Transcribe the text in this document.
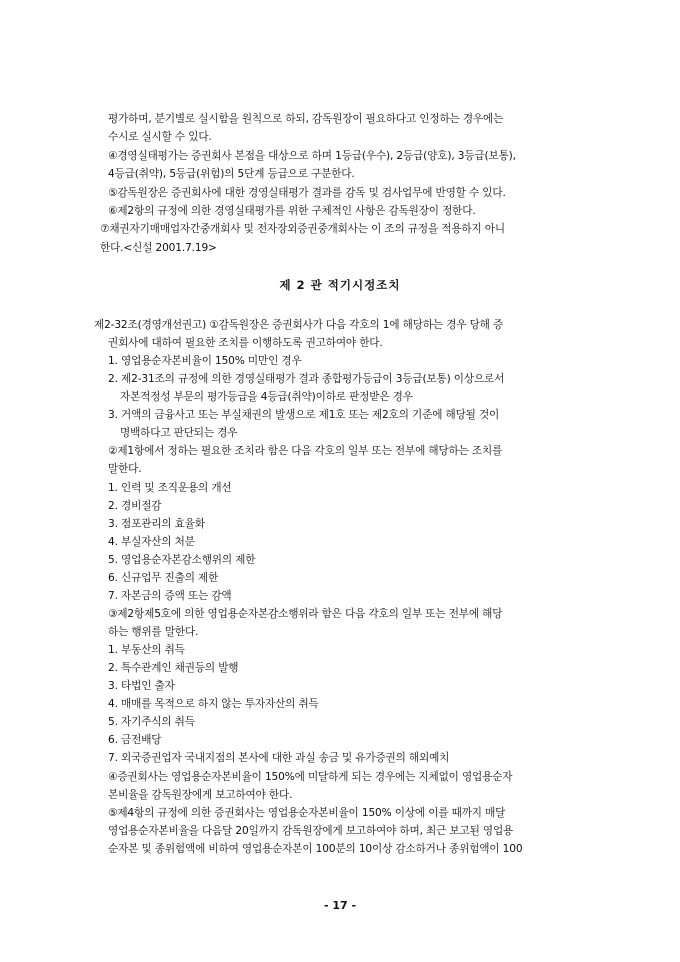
평가하며, 분기별로 실시함을 원칙으로 하되, 감독원장이 필요하다고 인정하는 경우에는
수시로 실시할 수 있다.
④경영실태평가는 증권회사 본점을 대상으로 하며 1등급(우수), 2등급(양호), 3등급(보통),
4등급(취약), 5등급(위험)의 5단계 등급으로 구분한다.
⑤감독원장은 증권회사에 대한 경영실태평가 결과를 감독 및 검사업무에 반영할 수 있다.
⑥제2항의 규정에 의한 경영실태평가를 위한 구체적인 사항은 감독원장이 정한다.
⑦채권자기매매업자간중개회사 및 전자장외증권중개회사는 이 조의 규정을 적용하지 아니
한다.<신설 2001.7.19>
제 2 관 적기시정조치
제2-32조(경영개선권고) ①감독원장은 증권회사가 다음 각호의 1에 해당하는 경우 당해 증
권회사에 대하여 필요한 조치를 이행하도록 권고하여야 한다.
1. 영업용순자본비율이 150% 미만인 경우
2. 제2-31조의 규정에 의한 경영실태평가 결과 종합평가등급이 3등급(보통) 이상으로서
자본적정성 부문의 평가등급을 4등급(취약)이하로 판정받은 경우
3. 거액의 금융사고 또는 부실채권의 발생으로 제1호 또는 제2호의 기준에 해당될 것이
명백하다고 판단되는 경우
②제1항에서 정하는 필요한 조치라 함은 다음 각호의 일부 또는 전부에 해당하는 조치를
말한다.
1. 인력 및 조직운용의 개선
2. 경비절감
3. 점포관리의 효율화
4. 부실자산의 처분
5. 영업용순자본감소행위의 제한
6. 신규업무 진출의 제한
7. 자본금의 증액 또는 감액
③제2항제5호에 의한 영업용순자본감소행위라 함은 다음 각호의 일부 또는 전부에 해당
하는 행위를 말한다.
1. 부동산의 취득
2. 특수관계인 채권등의 발행
3. 타법인 출자
4. 매매를 목적으로 하지 않는 투자자산의 취득
5. 자기주식의 취득
6. 금전배당
7. 외국증권업자 국내지점의 본사에 대한 과실 송금 및 유가증권의 해외예치
④증권회사는 영업용순자본비율이 150%에 미달하게 되는 경우에는 지체없이 영업용순자
본비율을 감독원장에게 보고하여야 한다.
⑤제4항의 규정에 의한 증권회사는 영업용순자본비율이 150% 이상에 이를 때까지 매달
영업용순자본비율을 다음달 20일까지 감독원장에게 보고하여야 하며, 최근 보고된 영업용
순자본 및 종위험액에 비하여 영업용순자본이 100분의 10이상 감소하거나 종위험액이 100
- 17 -
